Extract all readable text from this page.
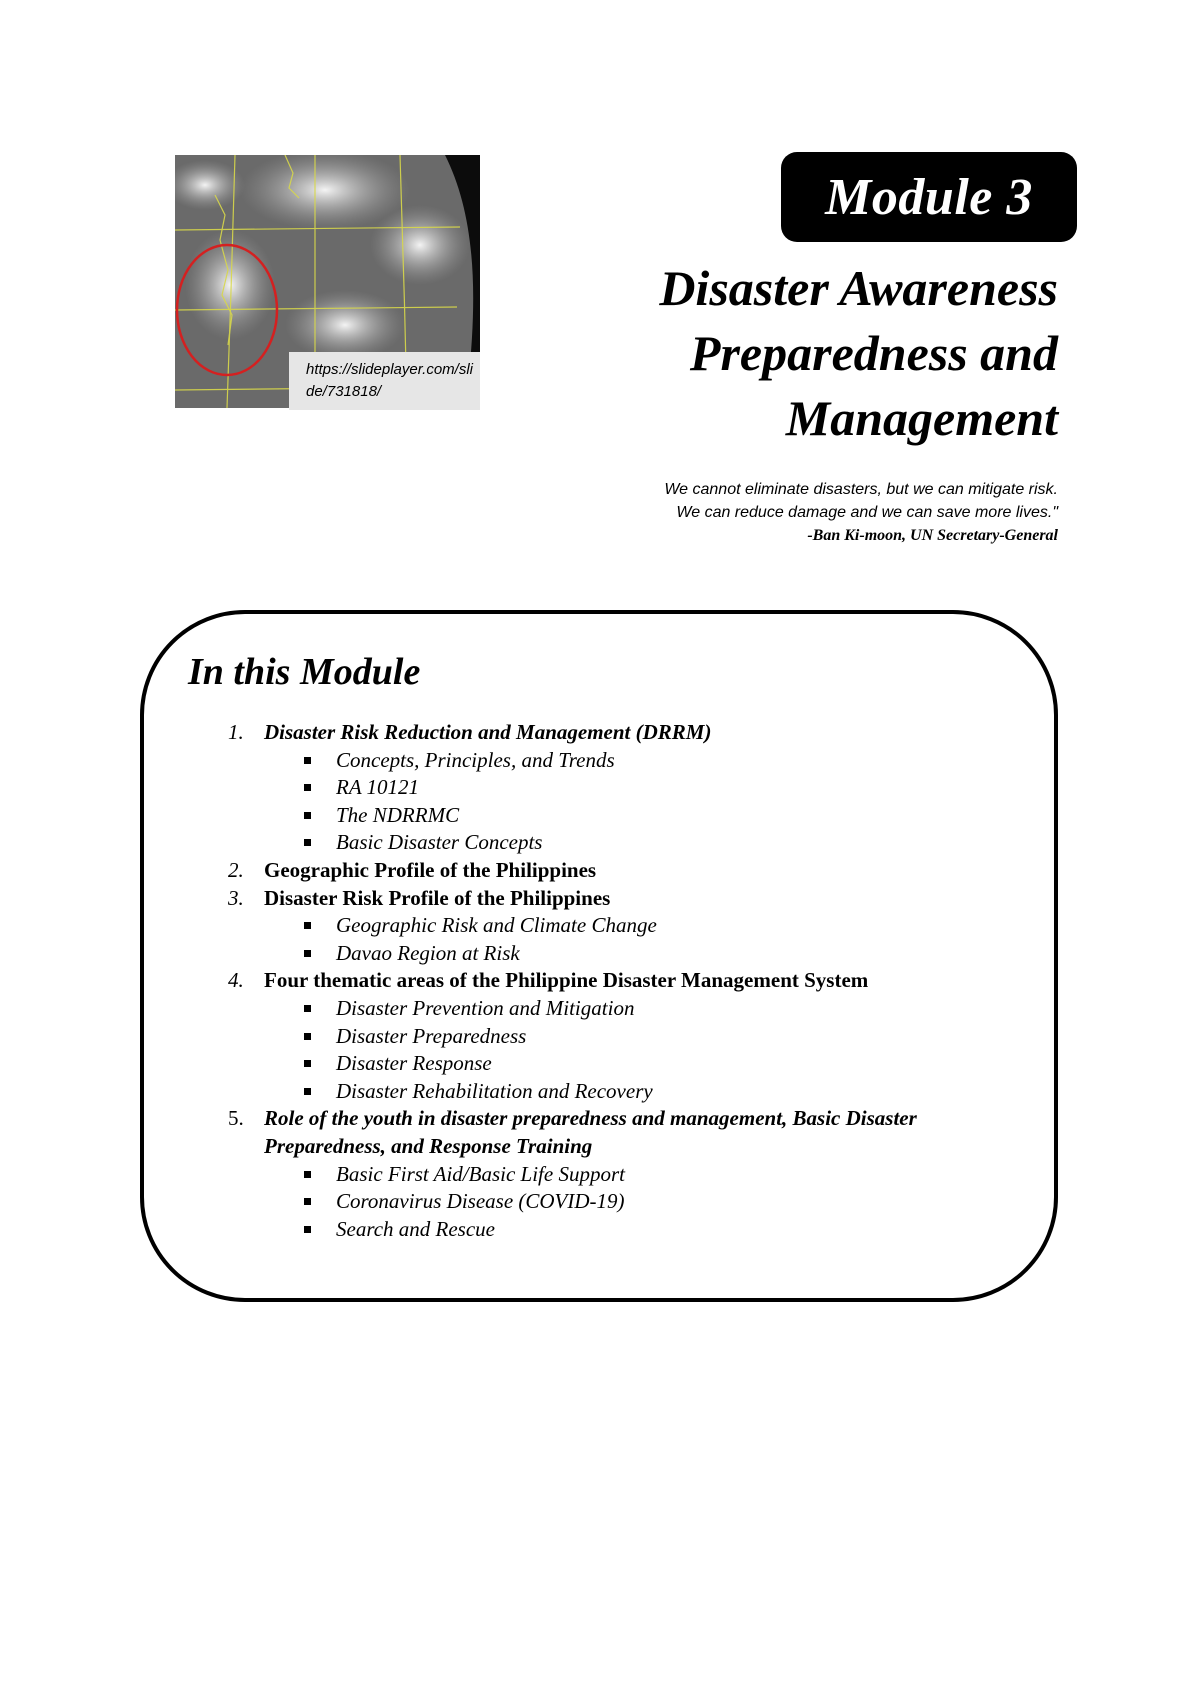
https://slideplayer.com/slide/731818/
Module 3
Disaster Awareness
Preparedness and
Management
We cannot eliminate disasters, but we can mitigate risk.
We can reduce damage and we can save more lives."
-Ban Ki-moon, UN Secretary-General
In this Module
1. Disaster Risk Reduction and Management (DRRM)
Concepts, Principles, and Trends
RA 10121
The NDRRMC
Basic Disaster Concepts
2. Geographic Profile of the Philippines
3. Disaster Risk Profile of the Philippines
Geographic Risk and Climate Change
Davao Region at Risk
4. Four thematic areas of the Philippine Disaster Management System
Disaster Prevention and Mitigation
Disaster Preparedness
Disaster Response
Disaster Rehabilitation and Recovery
5. Role of the youth in disaster preparedness and management, Basic Disaster Preparedness, and Response Training
Basic First Aid/Basic Life Support
Coronavirus Disease (COVID-19)
Search and Rescue
